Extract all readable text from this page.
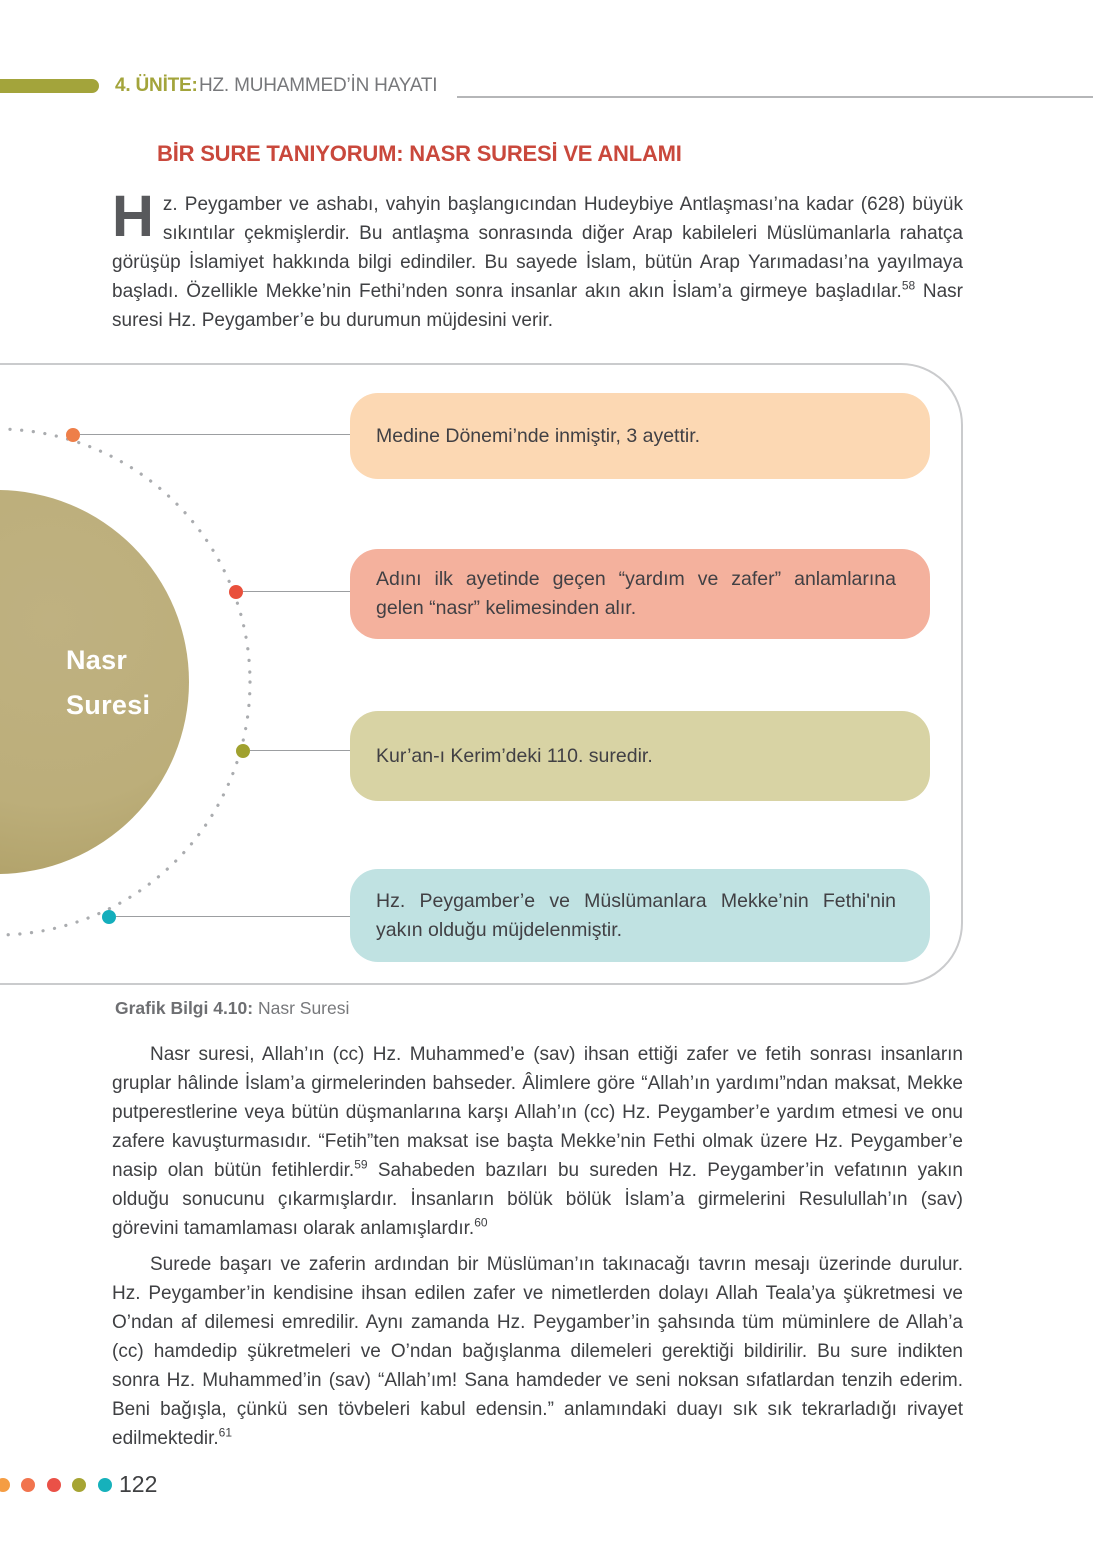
4. ÜNİTE: HZ. MUHAMMED’İN HAYATI
BİR SURE TANIYORUM: NASR SURESİ VE ANLAMI

Hz. Peygamber ve ashabı, vahyin başlangıcından Hudeybiye Antlaşması’na kadar (628) büyük sıkıntılar çekmişlerdir. Bu antlaşma sonrasında diğer Arap kabileleri Müslümanlarla rahatça görüşüp İslamiyet hakkında bilgi edindiler. Bu sayede İslam, bütün Arap Yarımadası’na yayılmaya başladı. Özellikle Mekke’nin Fethi’nden sonra insanlar akın akın İslam’a girmeye başladılar.$^{58}$ Nasr suresi Hz. Peygamber’e bu durumun müjdesini verir.

Nasr
Suresi
Medine Dönemi’nde inmiştir, 3 ayettir.
Adını ilk ayetinde geçen “yardım ve zafer” anlamlarına gelen “nasr” kelimesinden alır.
Kur’an-ı Kerim’deki 110. suredir.
Hz. Peygamber’e ve Müslümanlara Mekke’nin Fethi'nin yakın olduğu müjdelenmiştir.
Grafik Bilgi 4.10: Nasr Suresi

Nasr suresi, Allah’ın (cc) Hz. Muhammed’e (sav) ihsan ettiği zafer ve fetih sonrası insanların gruplar hâlinde İslam’a girmelerinden bahseder. Âlimlere göre “Allah’ın yardımı”ndan maksat, Mekke putperestlerine veya bütün düşmanlarına karşı Allah’ın (cc) Hz. Peygamber’e yardım etmesi ve onu zafere kavuşturmasıdır. “Fetih”ten maksat ise başta Mekke’nin Fethi olmak üzere Hz. Peygamber’e nasip olan bütün fetihlerdir.$^{59}$ Sahabeden bazıları bu sureden Hz. Peygamber’in vefatının yakın olduğu sonucunu çıkarmışlardır. İnsanların bölük bölük İslam’a girmelerini Resulullah’ın (sav) görevini tamamlaması olarak anlamışlardır.$^{60}$

Surede başarı ve zaferin ardından bir Müslüman’ın takınacağı tavrın mesajı üzerinde durulur. Hz. Peygamber’in kendisine ihsan edilen zafer ve nimetlerden dolayı Allah Teala’ya şükretmesi ve O’ndan af dilemesi emredilir. Aynı zamanda Hz. Peygamber’in şahsında tüm müminlere de Allah’a (cc) hamdedip şükretmeleri ve O’ndan bağışlanma dilemeleri gerektiği bildirilir. Bu sure indikten sonra Hz. Muhammed’in (sav) “Allah’ım! Sana hamdeder ve seni noksan sıfatlardan tenzih ederim. Beni bağışla, çünkü sen tövbeleri kabul edensin.” anlamındaki duayı sık sık tekrarladığı rivayet edilmektedir.$^{61}$

122
